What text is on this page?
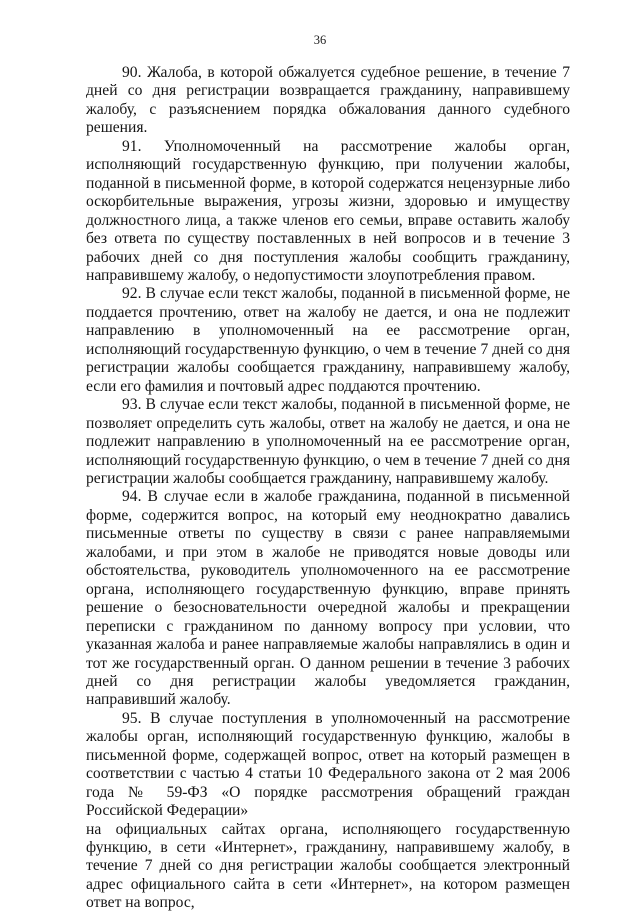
36

90. Жалоба, в которой обжалуется судебное решение, в течение 7 дней со дня регистрации возвращается гражданину, направившему жалобу, с разъяснением порядка обжалования данного судебного решения.

91. Уполномоченный на рассмотрение жалобы орган, исполняющий государственную функцию, при получении жалобы, поданной в письменной форме, в которой содержатся нецензурные либо оскорбительные выражения, угрозы жизни, здоровью и имуществу должностного лица, а также членов его семьи, вправе оставить жалобу без ответа по существу поставленных в ней вопросов и в течение 3 рабочих дней со дня поступления жалобы сообщить гражданину, направившему жалобу, о недопустимости злоупотребления правом.

92. В случае если текст жалобы, поданной в письменной форме, не поддается прочтению, ответ на жалобу не дается, и она не подлежит направлению в уполномоченный на ее рассмотрение орган, исполняющий государственную функцию, о чем в течение 7 дней со дня регистрации жалобы сообщается гражданину, направившему жалобу, если его фамилия и почтовый адрес поддаются прочтению.

93. В случае если текст жалобы, поданной в письменной форме, не позволяет определить суть жалобы, ответ на жалобу не дается, и она не подлежит направлению в уполномоченный на ее рассмотрение орган, исполняющий государственную функцию, о чем в течение 7 дней со дня регистрации жалобы сообщается гражданину, направившему жалобу.

94. В случае если в жалобе гражданина, поданной в письменной форме, содержится вопрос, на который ему неоднократно давались письменные ответы по существу в связи с ранее направляемыми жалобами, и при этом в жалобе не приводятся новые доводы или обстоятельства, руководитель уполномоченного на ее рассмотрение органа, исполняющего государственную функцию, вправе принять решение о безосновательности очередной жалобы и прекращении переписки с гражданином по данному вопросу при условии, что указанная жалоба и ранее направляемые жалобы направлялись в один и тот же государственный орган. О данном решении в течение 3 рабочих дней со дня регистрации жалобы уведомляется гражданин, направивший жалобу.

95. В случае поступления в уполномоченный на рассмотрение жалобы орган, исполняющий государственную функцию, жалобы в письменной форме, содержащей вопрос, ответ на который размещен в соответствии с частью 4 статьи 10 Федерального закона от 2 мая 2006 года № 59-ФЗ «О порядке рассмотрения обращений граждан Российской Федерации»

на официальных сайтах органа, исполняющего государственную функцию, в сети «Интернет», гражданину, направившему жалобу, в течение 7 дней со дня регистрации жалобы сообщается электронный адрес официального сайта в сети «Интернет», на котором размещен ответ на вопрос,
